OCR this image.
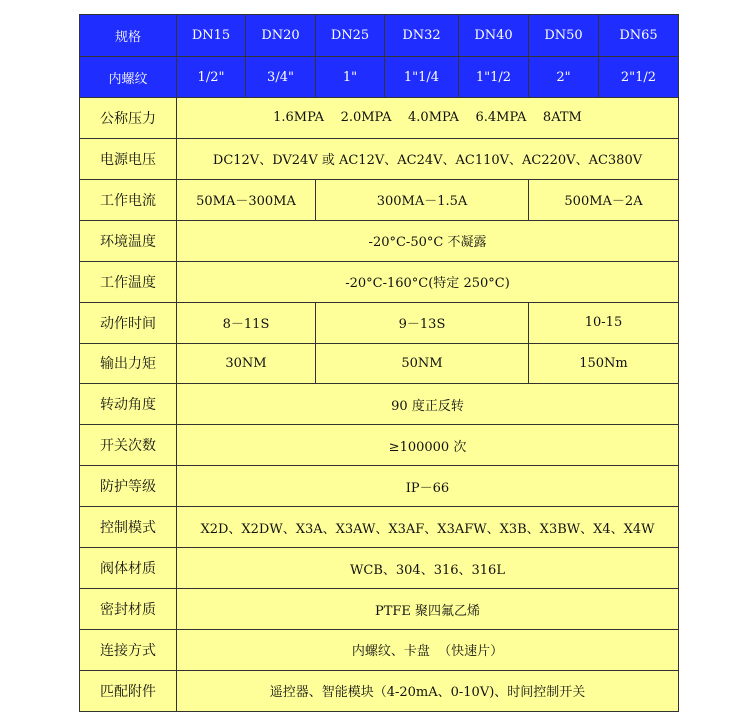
规格	DN15	DN20	DN25	DN32	DN40	DN50	DN65
内螺纹	1/2"	3/4"	1"	1"1/4	1"1/2	2"	2"1/2
公称压力	1.6MPA    2.0MPA    4.0MPA    6.4MPA    8ATM						
电源电压	DC12V、DV24V 或 AC12V、AC24V、AC110V、AC220V、AC380V						
工作电流	50MA－300MA		300MA－1.5A			500MA－2A	
环境温度	-20°C-50°C 不凝露						
工作温度	-20°C-160°C(特定 250°C)						
动作时间	8－11S		9－13S			10-15	
输出力矩	30NM		50NM			150Nm	
转动角度	90 度正反转						
开关次数	≥100000 次						
防护等级	IP－66						
控制模式	X2D、X2DW、X3A、X3AW、X3AF、X3AFW、X3B、X3BW、X4、X4W						
阀体材质	WCB、304、316、316L						
密封材质	PTFE 聚四氟乙烯						
连接方式	内螺纹、卡盘  （快速片）						
匹配附件	遥控器、智能模块（4-20mA、0-10V)、时间控制开关						
